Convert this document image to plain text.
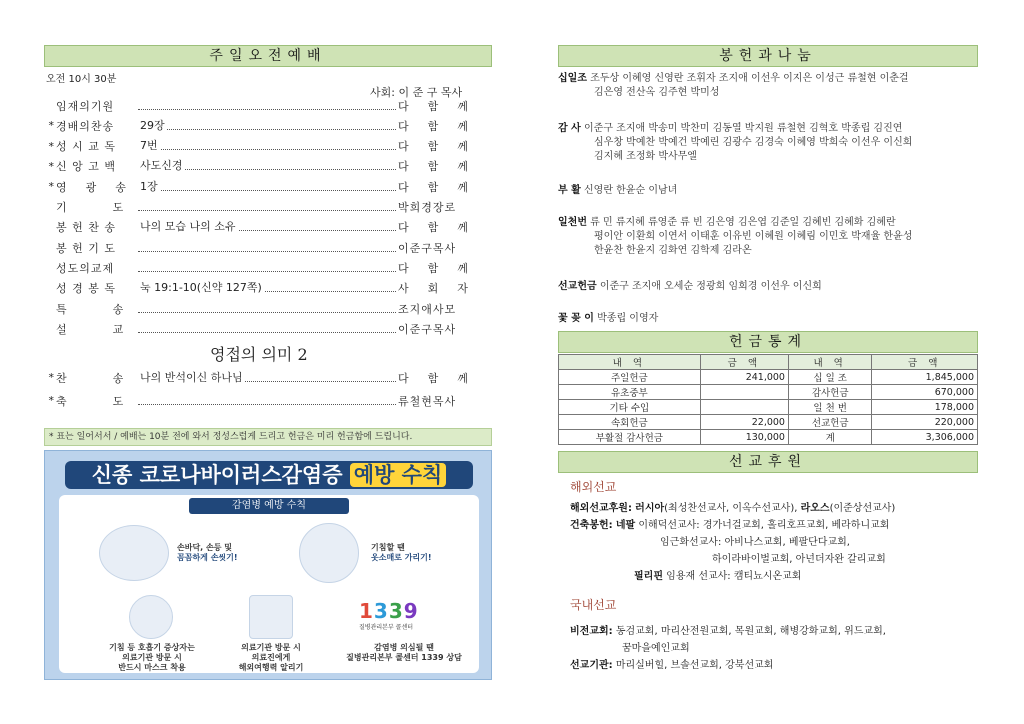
주일오전예배
오전 10시 30분
사회: 이 준 구 목사
임재의기원	다    함    께
* 경배의찬송	29장	다    함    께
* 성 시 교 독	7번	다    함    께
* 신 앙 고 백	사도신경	다    함    께
* 영    광    송	1장	다    함    께
기          도	박희경장로
봉 헌 찬 송	나의 모습 나의 소유	다    함    께
봉 헌 기 도	이준구목사
성도의교제	다    함    께
성 경 봉 독	눅 19:1-10(신약 127쪽)	사    회    자
특          송	조지애사모
설          교	이준구목사
영접의 의미 2
* 찬          송	나의 반석이신 하나님	다    함    께
* 축          도	류철현목사
* 표는 일어서서 / 예배는 10분 전에 와서 정성스럽게 드리고 헌금은 미리 헌금함에 드립니다.
신종 코로나바이러스감염증 예방 수칙
감염병 예방 수칙
손바닥, 손등 및
꼼꼼하게 손씻기!
기침할 땐
옷소매로 가리기!
기침 등 호흡기 증상자는
의료기관 방문 시
반드시 마스크 착용
의료기관 방문 시
의료진에게
해외여행력 알리기
1339
질병관리본부 콜센터
감염병 의심될 땐
질병관리본부 콜센터 1339 상담
봉헌과나눔
십일조 조두상 이혜영 신영란 조휘자 조지애 이선우 이지은 이성근 류철현 이춘걸
김은영 전산옥 김주현 박미성
감 사 이준구 조지애 박송미 박찬미 김동열 박지원 류철현 김혁호 박종립 김진연
심우창 박예찬 박예건 박예린 김광수 김경숙 이혜영 박희숙 이선우 이신희
김지혜 조정화 박사무엘
부 활 신영란 한윤순 이남녀
일천번 류 민 류지혜 류영준 류 빈 김은영 김은엽 김준일 김혜빈 김혜화 김혜란
평이안 이환희 이연서 이태훈 이유빈 이혜원 이혜림 이민호 박재율 한윤성
한윤찬 한윤지 김화연 김학제 김라온
선교헌금 이준구 조지애 오세순 정광희 임희경 이선우 이신희
꽃 꽂 이 박종립 이영자
헌금통계
내 역	금 액	내 역	금 액
주일헌금	241,000	십 일 조	1,845,000
유초중부		감사헌금	670,000
기타 수입		일 천 번	178,000
속회헌금	22,000	선교헌금	220,000
부활절 감사헌금	130,000	계	3,306,000
선교후원
해외선교
해외선교후원: 러시아(최성찬선교사, 이옥수선교사), 라오스(이준상선교사)
건축봉헌: 네팔 이해덕선교사: 경가너걸교회, 홀리호프교회, 베라하니교회
임근화선교사: 아비나스교회, 베팔단다교회,
하이라바이벌교회, 아넌더자완 갈리교회
필리핀 임용재 선교사: 캠티뇨시온교회
국내선교
비전교회: 동검교회, 마리산전원교회, 목원교회, 해병강화교회, 위드교회,
꿈마을예인교회
선교기관: 마리실버힐, 브솔선교회, 강북선교회
